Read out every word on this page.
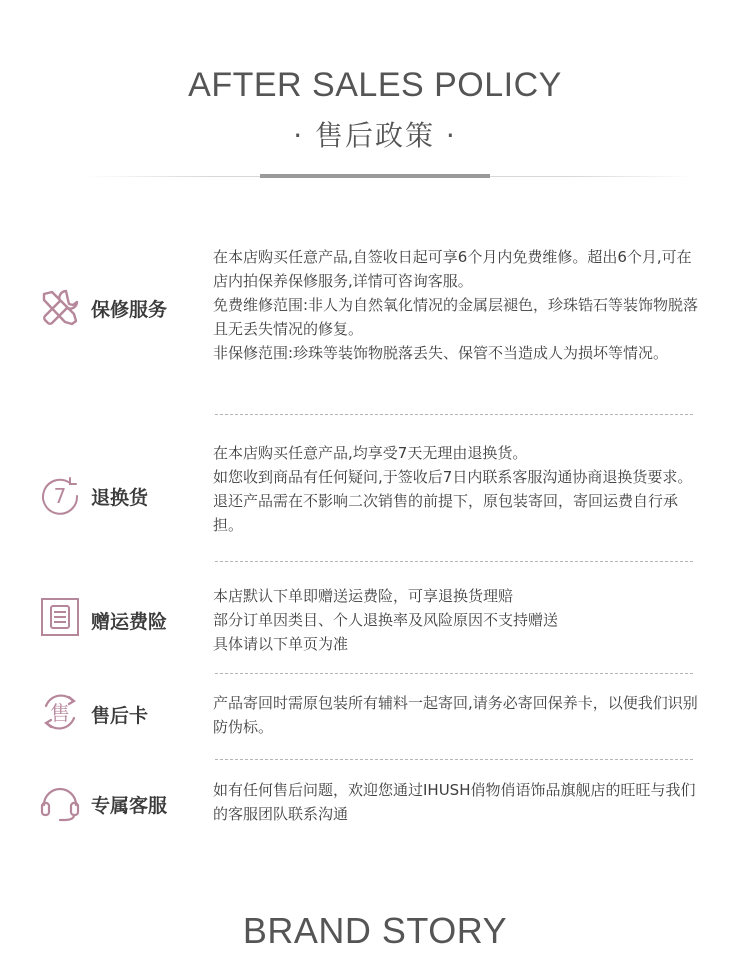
AFTER SALES POLICY
· 售后政策 ·
保修服务

在本店购买任意产品,自签收日起可享6个月内免费维修。超出6个月,可在店内拍保养保修服务,详情可咨询客服。

免费维修范围:非人为自然氧化情况的金属层褪色，珍珠锆石等装饰物脱落且无丢失情况的修复。

非保修范围:珍珠等装饰物脱落丢失、保管不当造成人为损坏等情况。

7 退换货

在本店购买任意产品,均享受7天无理由退换货。

如您收到商品有任何疑问,于签收后7日内联系客服沟通协商退换货要求。退还产品需在不影响二次销售的前提下，原包装寄回，寄回运费自行承担。

赠运费险

本店默认下单即赠送运费险，可享退换货理赔

部分订单因类目、个人退换率及风险原因不支持赠送

具体请以下单页为准

售 售后卡

产品寄回时需原包装所有辅料一起寄回,请务必寄回保养卡，以便我们识别防伪标。

专属客服

如有任何售后问题，欢迎您通过IHUSH俏物俏语饰品旗舰店的旺旺与我们的客服团队联系沟通

BRAND STORY
